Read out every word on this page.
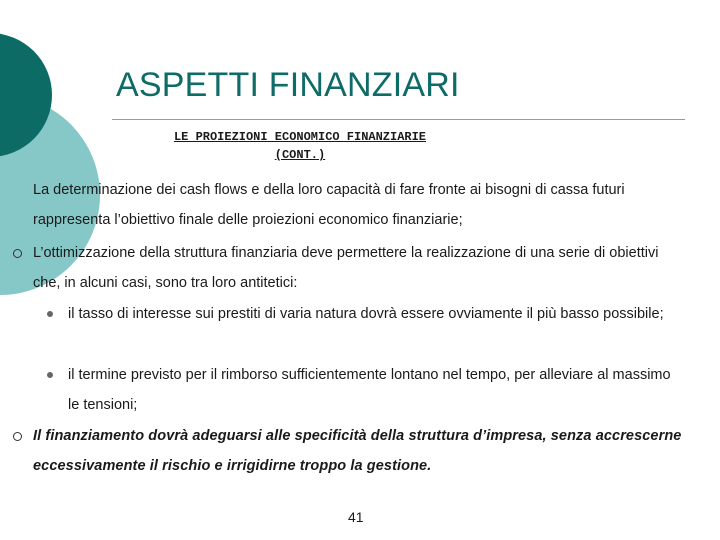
ASPETTI FINANZIARI
LE PROIEZIONI ECONOMICO FINANZIARIE
(CONT.)

La determinazione dei cash flows e della loro capacità di fare fronte ai bisogni di cassa futuri rappresenta l’obiettivo finale delle proiezioni economico finanziarie;

L’ottimizzazione della struttura finanziaria deve permettere la realizzazione di una serie di obiettivi che, in alcuni casi, sono tra loro antitetici:

il tasso di interesse sui prestiti di varia natura dovrà essere ovviamente il più basso possibile;

il termine previsto per il rimborso sufficientemente lontano nel tempo, per alleviare al massimo le tensioni;

Il finanziamento dovrà adeguarsi alle specificità della struttura d’impresa, senza accrescerne eccessivamente il rischio e irrigidirne troppo la gestione.

41
